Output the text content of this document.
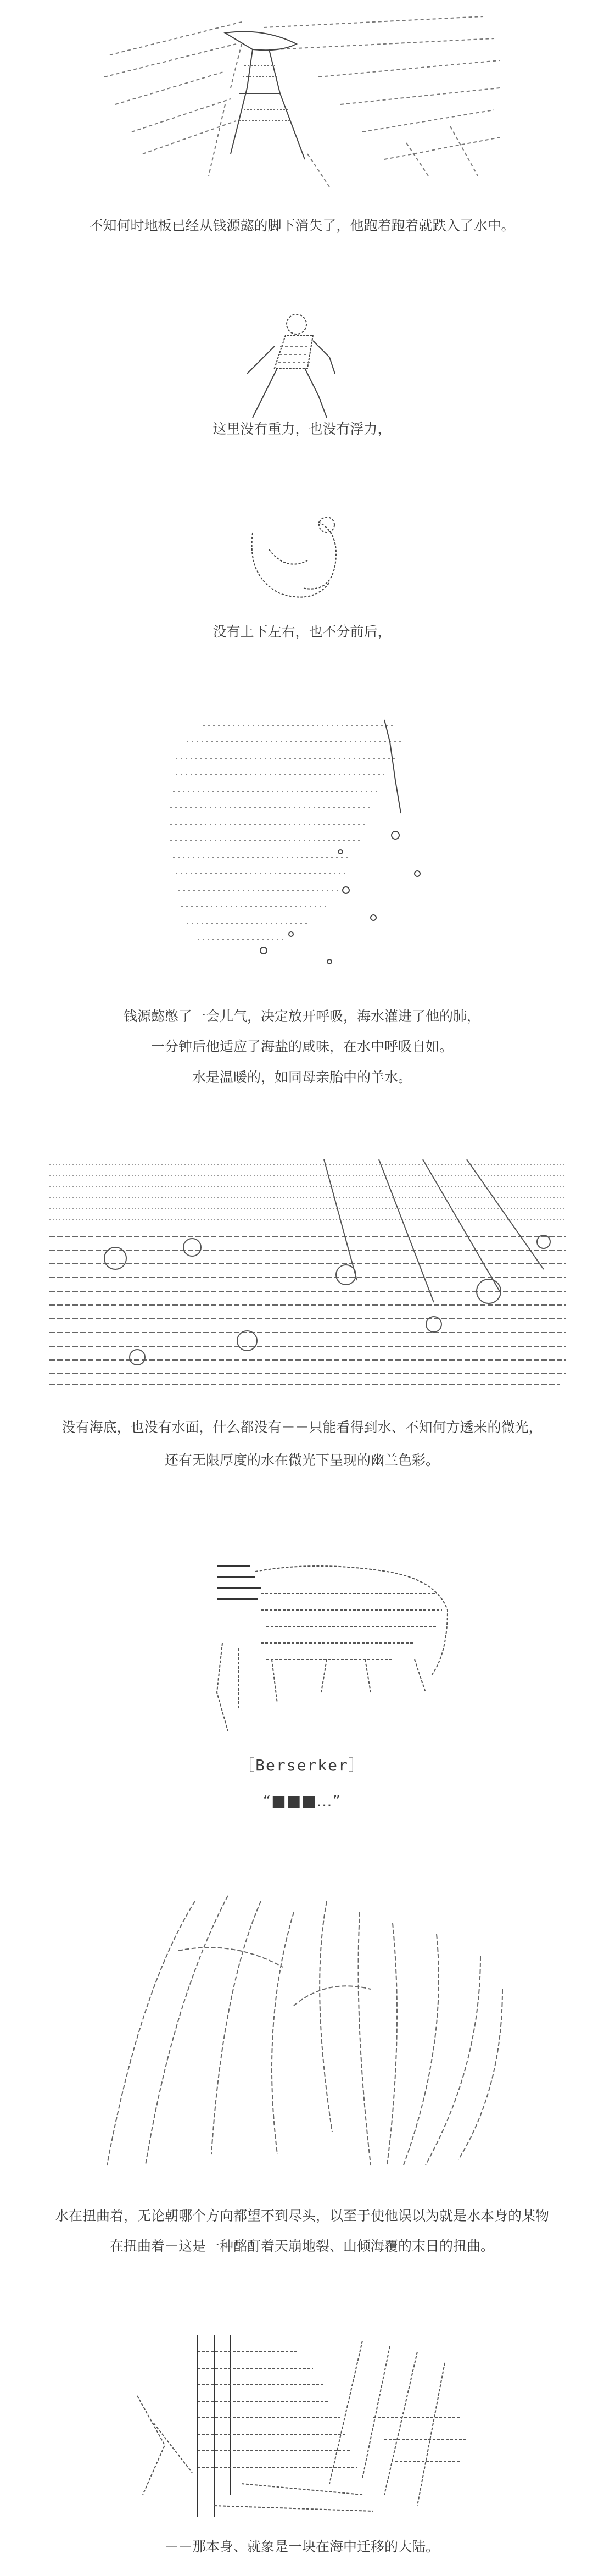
不知何时地板已经从钱源㦤的脚下消失了，他跑着跑着就跌入了水中。
这里没有重力，也没有浮力，
没有上下左右，也不分前后，
钱源㦤憋了一会儿气，决定放开呼吸，海水灌进了他的肺，
一分钟后他适应了海盐的咸味，在水中呼吸自如。
水是温暖的，如同母亲胎中的羊水。
没有海底，也没有水面，什么都没有－－只能看得到水、不知何方透来的微光，
还有无限厚度的水在微光下呈现的幽兰色彩。
［Berserker］
“■■■…”
水在扭曲着，无论朝哪个方向都望不到尽头，以至于使他误以为就是水本身的某物
在扭曲着－这是一种酩酊着天崩地裂、山倾海覆的末日的扭曲。
－－那本身、就象是一块在海中迁移的大陆。
